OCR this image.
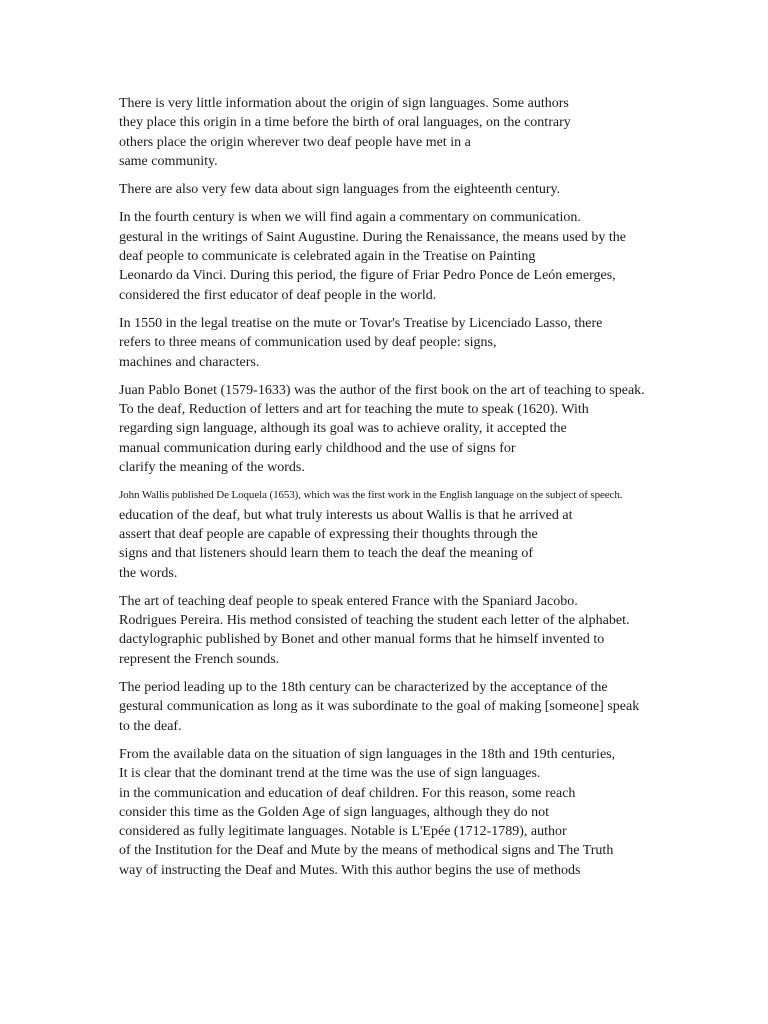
There is very little information about the origin of sign languages. Some authors
they place this origin in a time before the birth of oral languages, on the contrary
others place the origin wherever two deaf people have met in a
same community.

There are also very few data about sign languages from the eighteenth century.

In the fourth century is when we will find again a commentary on communication.
gestural in the writings of Saint Augustine. During the Renaissance, the means used by the
deaf people to communicate is celebrated again in the Treatise on Painting
Leonardo da Vinci. During this period, the figure of Friar Pedro Ponce de León emerges,
considered the first educator of deaf people in the world.

In 1550 in the legal treatise on the mute or Tovar's Treatise by Licenciado Lasso, there
refers to three means of communication used by deaf people: signs,
machines and characters.

Juan Pablo Bonet (1579-1633) was the author of the first book on the art of teaching to speak.
To the deaf, Reduction of letters and art for teaching the mute to speak (1620). With
regarding sign language, although its goal was to achieve orality, it accepted the
manual communication during early childhood and the use of signs for
clarify the meaning of the words.

John Wallis published De Loquela (1653), which was the first work in the English language on the subject of speech.
education of the deaf, but what truly interests us about Wallis is that he arrived at
assert that deaf people are capable of expressing their thoughts through the
signs and that listeners should learn them to teach the deaf the meaning of
the words.

The art of teaching deaf people to speak entered France with the Spaniard Jacobo.
Rodrigues Pereira. His method consisted of teaching the student each letter of the alphabet.
dactylographic published by Bonet and other manual forms that he himself invented to
represent the French sounds.

The period leading up to the 18th century can be characterized by the acceptance of the
gestural communication as long as it was subordinate to the goal of making [someone] speak
to the deaf.

From the available data on the situation of sign languages in the 18th and 19th centuries,
It is clear that the dominant trend at the time was the use of sign languages.
in the communication and education of deaf children. For this reason, some reach
consider this time as the Golden Age of sign languages, although they do not
considered as fully legitimate languages. Notable is L'Epée (1712-1789), author
of the Institution for the Deaf and Mute by the means of methodical signs and The Truth
way of instructing the Deaf and Mutes. With this author begins the use of methods
